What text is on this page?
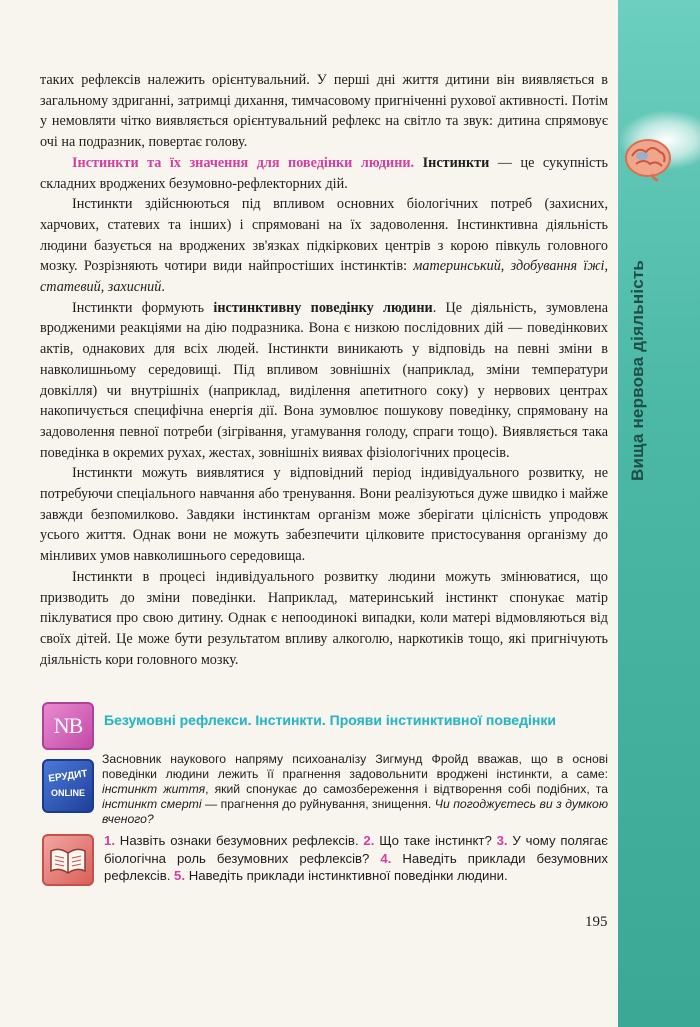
Вища нервова діяльність

таких рефлексів належить орієнтувальний. У перші дні життя дитини він виявляється в загальному здриганні, затримці дихання, тимчасовому пригніченні рухової активності. Потім у немовляти чітко виявляється орієнтувальний рефлекс на світло та звук: дитина спрямовує очі на подразник, повертає голову.

Інстинкти та їх значення для поведінки людини. Інстинкти — це сукупність складних вроджених безумовно-рефлекторних дій.

Інстинкти здійснюються під впливом основних біологічних потреб (захисних, харчових, статевих та інших) і спрямовані на їх задоволення. Інстинктивна діяльність людини базується на вроджених зв'язках підкіркових центрів з корою півкуль головного мозку. Розрізняють чотири види найпростіших інстинктів: материнський, здобування їжі, статевий, захисний.

Інстинкти формують інстинктивну поведінку людини. Це діяльність, зумовлена вродженими реакціями на дію подразника. Вона є низкою послідовних дій — поведінкових актів, однакових для всіх людей. Інстинкти виникають у відповідь на певні зміни в навколишньому середовищі. Під впливом зовнішніх (наприклад, зміни температури довкілля) чи внутрішніх (наприклад, виділення апетитного соку) у нервових центрах накопичується специфічна енергія дії. Вона зумовлює пошукову поведінку, спрямовану на задоволення певної потреби (зігрівання, угамування голоду, спраги тощо). Виявляється така поведінка в окремих рухах, жестах, зовнішніх виявах фізіологічних процесів.

Інстинкти можуть виявлятися у відповідний період індивідуального розвитку, не потребуючи спеціального навчання або тренування. Вони реалізуються дуже швидко і майже завжди безпомилково. Завдяки інстинктам організм може зберігати цілісність упродовж усього життя. Однак вони не можуть забезпечити цілковите пристосування організму до мінливих умов навколишнього середовища.

Інстинкти в процесі індивідуального розвитку людини можуть змінюватися, що призводить до зміни поведінки. Наприклад, материнський інстинкт спонукає матір піклуватися про свою дитину. Однак є непоодинокі випадки, коли матері відмовляються від своїх дітей. Це може бути результатом впливу алкоголю, наркотиків тощо, які пригнічують діяльність кори головного мозку.

NB Безумовні рефлекси. Інстинкти. Прояви інстинктивної поведінки
ЕРУДИТ
ONLINE
Засновник наукового напряму психоаналізу Зигмунд Фройд вважав, що в основі поведінки людини лежить її прагнення задовольнити вроджені інстинкти, а саме: інстинкт життя, який спонукає до самозбереження і відтворення собі подібних, та інстинкт смерті — прагнення до руйнування, знищення. Чи погоджуєтесь ви з думкою вченого?
1. Назвіть ознаки безумовних рефлексів. 2. Що таке інстинкт? 3. У чому полягає біологічна роль безумовних рефлексів? 4. Наведіть приклади безумовних рефлексів. 5. Наведіть приклади інстинктивної поведінки людини.
195
